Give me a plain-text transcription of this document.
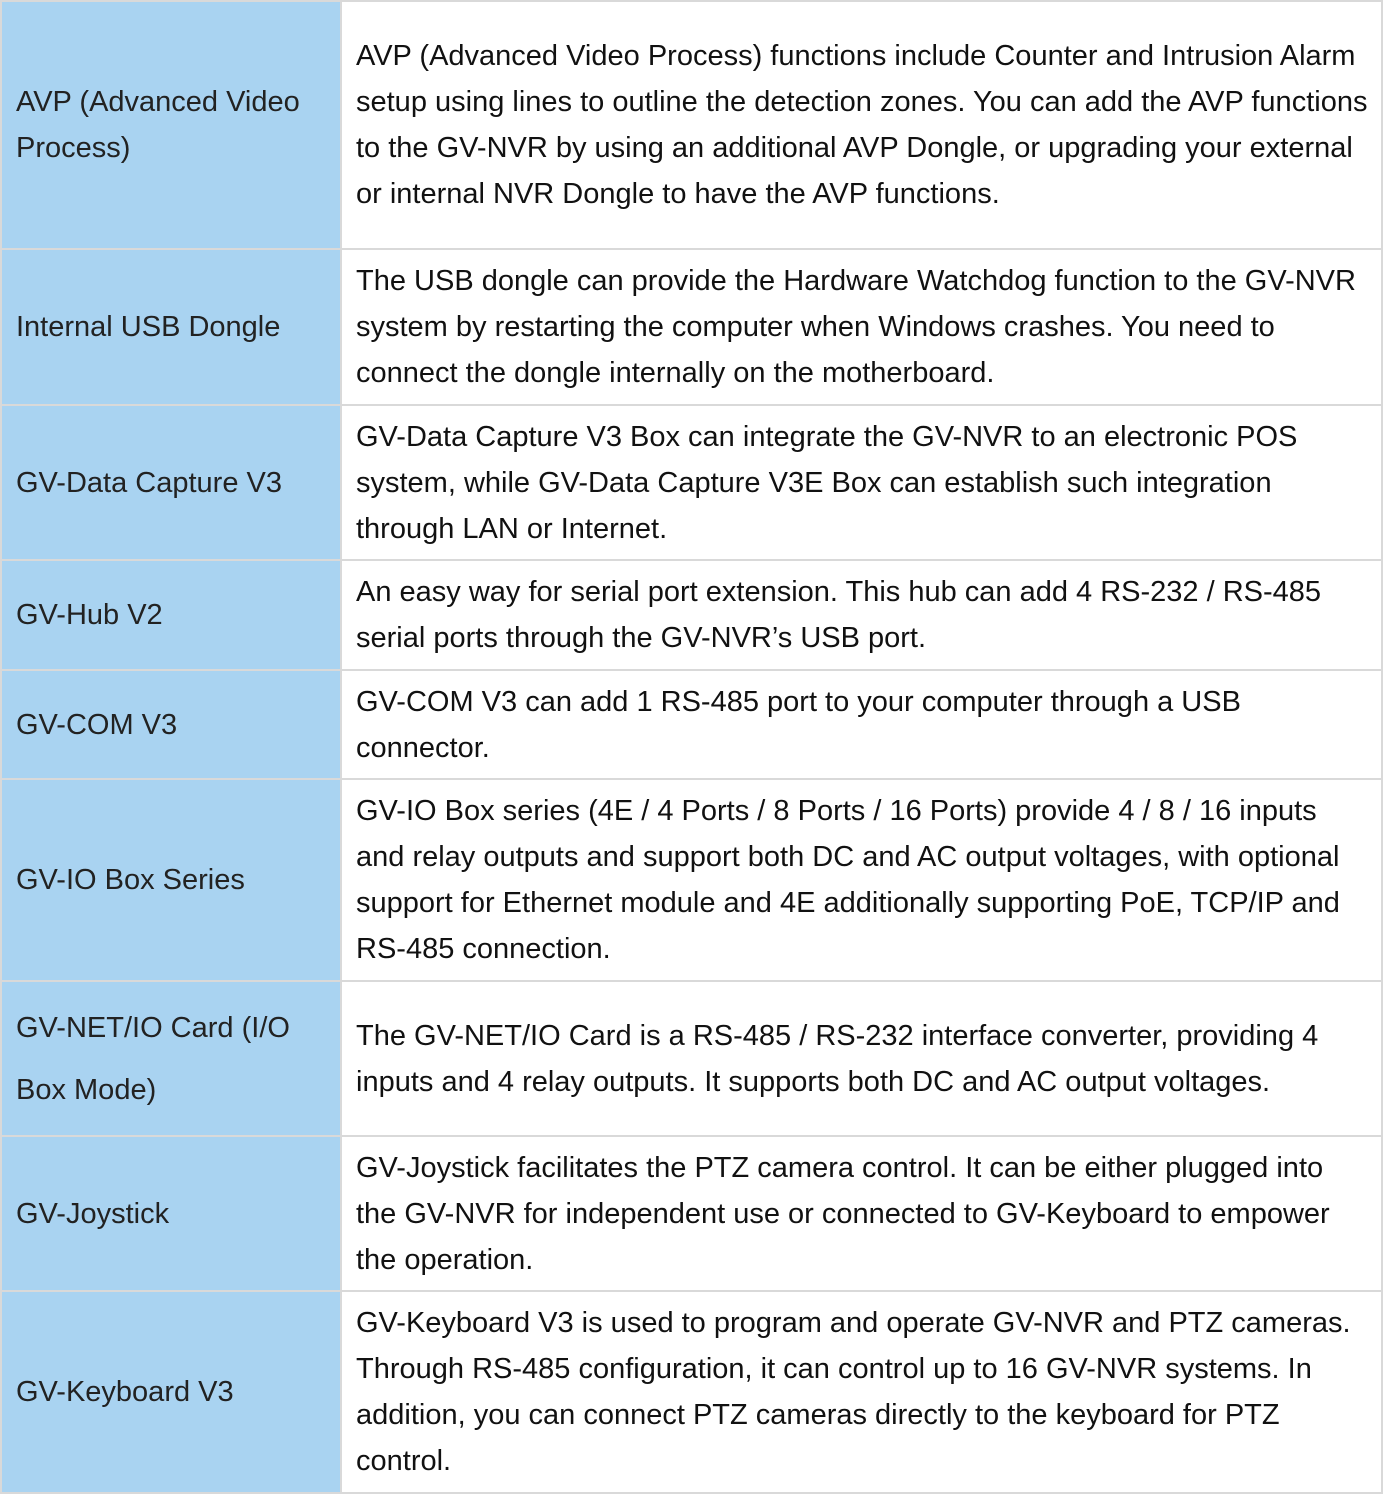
AVP (Advanced Video Process)	AVP (Advanced Video Process) functions include Counter and Intrusion Alarm setup using lines to outline the detection zones. You can add the AVP functions to the GV-NVR by using an additional AVP Dongle, or upgrading your external or internal NVR Dongle to have the AVP functions.
Internal USB Dongle	The USB dongle can provide the Hardware Watchdog function to the GV-NVR system by restarting the computer when Windows crashes. You need to connect the dongle internally on the motherboard.
GV-Data Capture V3	GV-Data Capture V3 Box can integrate the GV-NVR to an electronic POS system, while GV-Data Capture V3E Box can establish such integration through LAN or Internet.
GV-Hub V2	An easy way for serial port extension. This hub can add 4 RS-232 / RS-485 serial ports through the GV-NVR’s USB port.
GV-COM V3	GV-COM V3 can add 1 RS-485 port to your computer through a USB connector.
GV-IO Box Series	GV-IO Box series (4E / 4 Ports / 8 Ports / 16 Ports) provide 4 / 8 / 16 inputs and relay outputs and support both DC and AC output voltages, with optional support for Ethernet module and 4E additionally supporting PoE, TCP/IP and RS-485 connection.
GV-NET/IO Card (I/O Box Mode)	The GV-NET/IO Card is a RS-485 / RS-232 interface converter, providing 4 inputs and 4 relay outputs. It supports both DC and AC output voltages.
GV-Joystick	GV-Joystick facilitates the PTZ camera control. It can be either plugged into the GV-NVR for independent use or connected to GV-Keyboard to empower the operation.
GV-Keyboard V3	GV-Keyboard V3 is used to program and operate GV-NVR and PTZ cameras. Through RS-485 configuration, it can control up to 16 GV-NVR systems. In addition, you can connect PTZ cameras directly to the keyboard for PTZ control.
